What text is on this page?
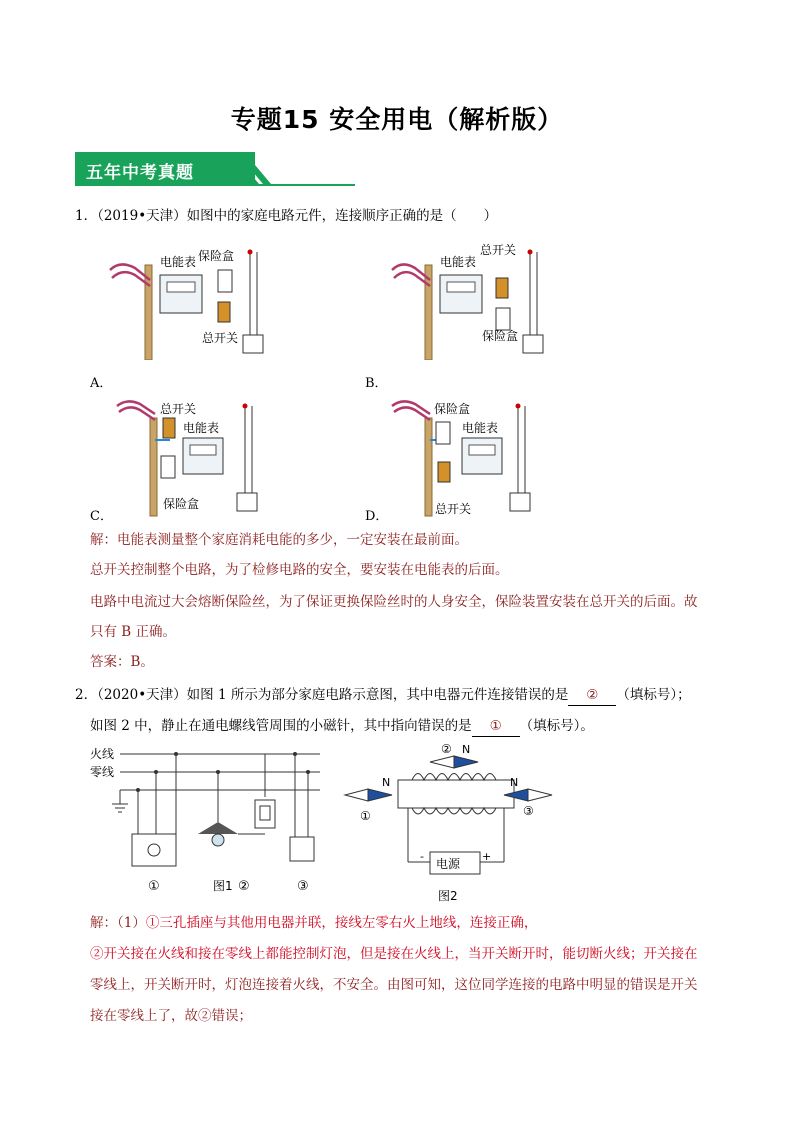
专题15 安全用电（解析版）
五年中考真题
1．（2019•天津）如图中的家庭电路元件，连接顺序正确的是（　　）
电能表 保险盒
总开关
A．
电能表
总开关
保险盒
B．
总开关
电能表
保险盒
C．
保险盒
电能表
总开关
D．
解：电能表测量整个家庭消耗电能的多少，一定安装在最前面。
总开关控制整个电路，为了检修电路的安全，要安装在电能表的后面。
电路中电流过大会熔断保险丝，为了保证更换保险丝时的人身安全，保险装置安装在总开关的后面。故
只有 B 正确。
答案：B。
2．（2020•天津）如图 1 所示为部分家庭电路示意图，其中电器元件连接错误的是 ② （填标号）；
如图 2 中，静止在通电螺线管周围的小磁针，其中指向错误的是 ① （填标号）。
火线
零线
①	图1 ②	③
电源
-	+
N
①
② N
N
③
图2
解：（1）①三孔插座与其他用电器并联，接线左零右火上地线，连接正确，
②开关接在火线和接在零线上都能控制灯泡，但是接在火线上，当开关断开时，能切断火线；开关接在
零线上，开关断开时，灯泡连接着火线，不安全。由图可知，这位同学连接的电路中明显的错误是开关
接在零线上了，故②错误；
